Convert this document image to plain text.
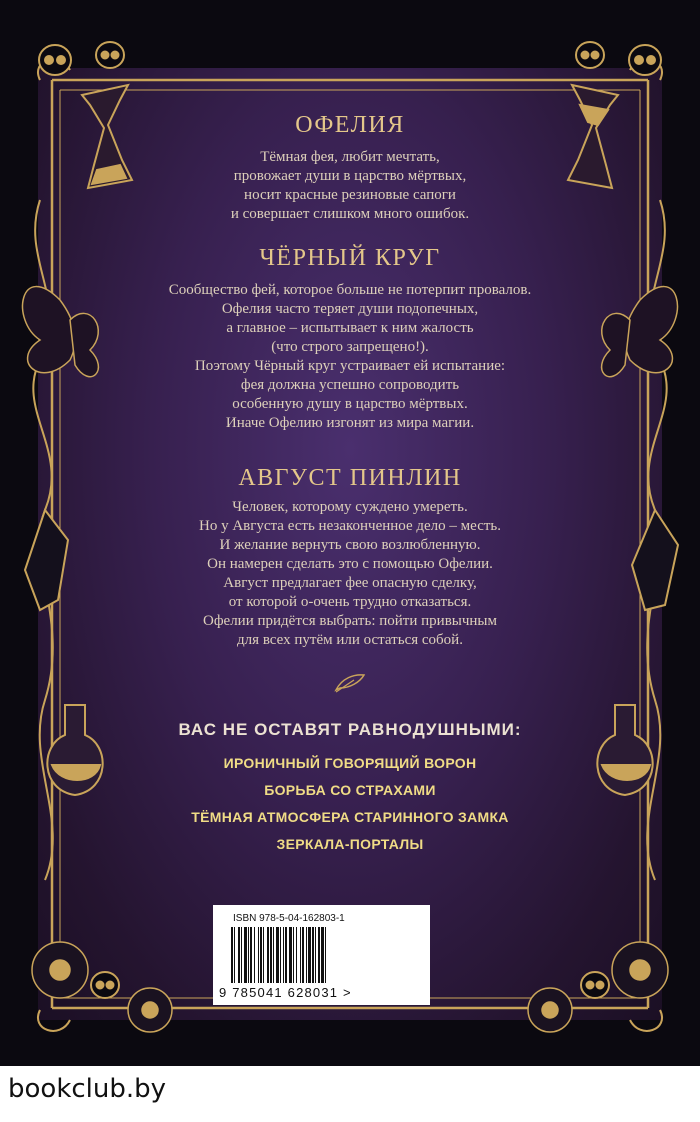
ОФЕЛИЯ

Тёмная фея, любит мечтать,
провожает души в царство мёртвых,
носит красные резиновые сапоги
и совершает слишком много ошибок.

ЧЁРНЫЙ КРУГ

Сообщество фей, которое больше не потерпит провалов.
Офелия часто теряет души подопечных,
а главное – испытывает к ним жалость
(что строго запрещено!).
Поэтому Чёрный круг устраивает ей испытание:
фея должна успешно сопроводить
особенную душу в царство мёртвых.
Иначе Офелию изгонят из мира магии.

АВГУСТ ПИНЛИН

Человек, которому суждено умереть.
Но у Августа есть незаконченное дело – месть.
И желание вернуть свою возлюбленную.
Он намерен сделать это с помощью Офелии.
Август предлагает фее опасную сделку,
от которой о-очень трудно отказаться.
Офелии придётся выбрать: пойти привычным
для всех путём или остаться собой.

ВАС НЕ ОСТАВЯТ РАВНОДУШНЫМИ:
ИРОНИЧНЫЙ ГОВОРЯЩИЙ ВОРОН
БОРЬБА СО СТРАХАМИ
ТЁМНАЯ АТМОСФЕРА СТАРИННОГО ЗАМКА
ЗЕРКАЛА-ПОРТАЛЫ
ISBN 978-5-04-162803-1
9 785041 628031 >
bookclub.by
